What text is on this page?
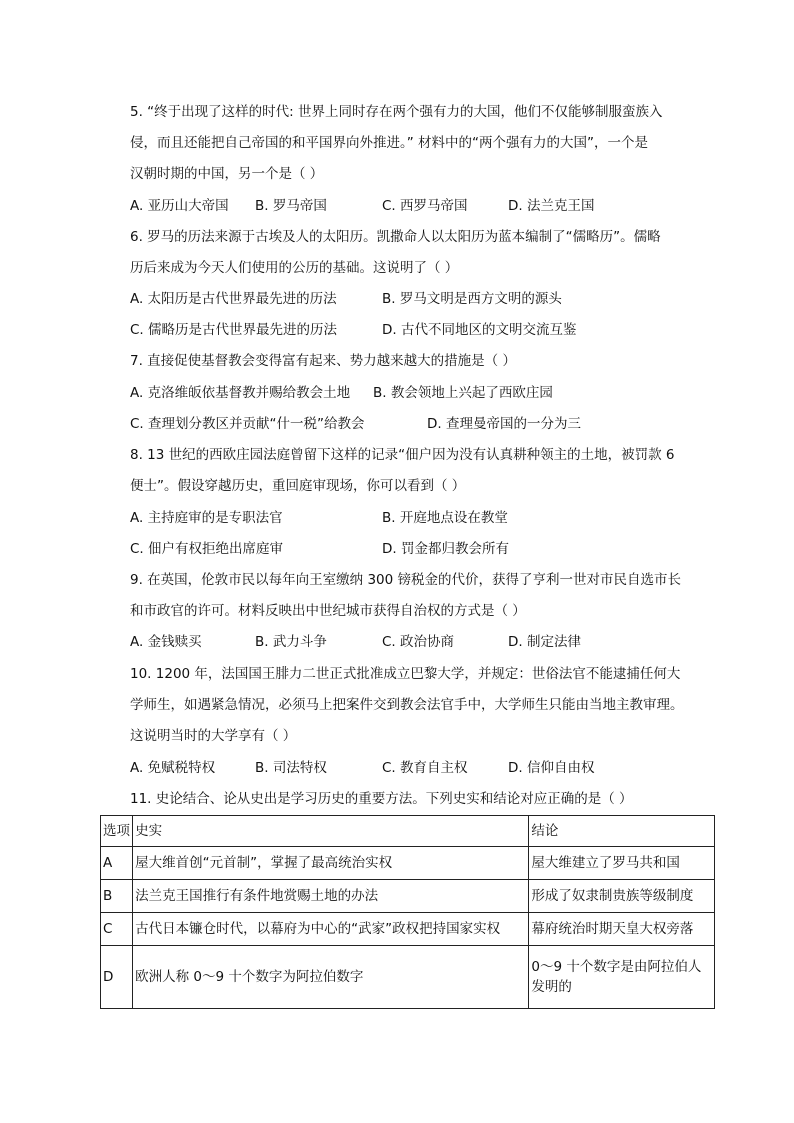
5. “终于出现了这样的时代: 世界上同时存在两个强有力的大国，他们不仅能够制服蛮族入
侵，而且还能把自己帝国的和平国界向外推进。” 材料中的“两个强有力的大国”，一个是
汉朝时期的中国，另一个是（ ）
A. 亚历山大帝国 B. 罗马帝国	C. 西罗马帝国	D. 法兰克王国
6. 罗马的历法来源于古埃及人的太阳历。凯撒命人以太阳历为蓝本编制了“儒略历”。儒略
历后来成为今天人们使用的公历的基础。这说明了（ ）
A. 太阳历是古代世界最先进的历法	B. 罗马文明是西方文明的源头
C. 儒略历是古代世界最先进的历法	D. 古代不同地区的文明交流互鉴
7. 直接促使基督教会变得富有起来、势力越来越大的措施是（ ）
A. 克洛维皈依基督教并赐给教会土地 B. 教会领地上兴起了西欧庄园
C. 查理划分教区并贡献“什一税”给教会	D. 查理曼帝国的一分为三
8. 13 世纪的西欧庄园法庭曾留下这样的记录“佃户因为没有认真耕种领主的土地，被罚款 6
便士”。假设穿越历史，重回庭审现场，你可以看到（ ）
A. 主持庭审的是专职法官	B. 开庭地点设在教堂
C. 佃户有权拒绝出席庭审	D. 罚金都归教会所有
9. 在英国，伦敦市民以每年向王室缴纳 300 镑税金的代价，获得了亨利一世对市民自选市长
和市政官的许可。材料反映出中世纪城市获得自治权的方式是（ ）
A. 金钱赎买	B. 武力斗争	C. 政治协商	D. 制定法律
10. 1200 年，法国国王腓力二世正式批准成立巴黎大学，并规定：世俗法官不能逮捕任何大
学师生，如遇紧急情况，必须马上把案件交到教会法官手中，大学师生只能由当地主教审理。
这说明当时的大学享有（ ）
A. 免赋税特权	B. 司法特权	C. 教育自主权	D. 信仰自由权
11. 史论结合、论从史出是学习历史的重要方法。下列史实和结论对应正确的是（ ）
选项	史实	结论
A	屋大维首创“元首制”，掌握了最高统治实权	屋大维建立了罗马共和国
B	法兰克王国推行有条件地赏赐土地的办法	形成了奴隶制贵族等级制度
C	古代日本镰仓时代，以幕府为中心的“武家”政权把持国家实权	幕府统治时期天皇大权旁落
D	欧洲人称 0～9 十个数字为阿拉伯数字	0～9 十个数字是由阿拉伯人发明的
